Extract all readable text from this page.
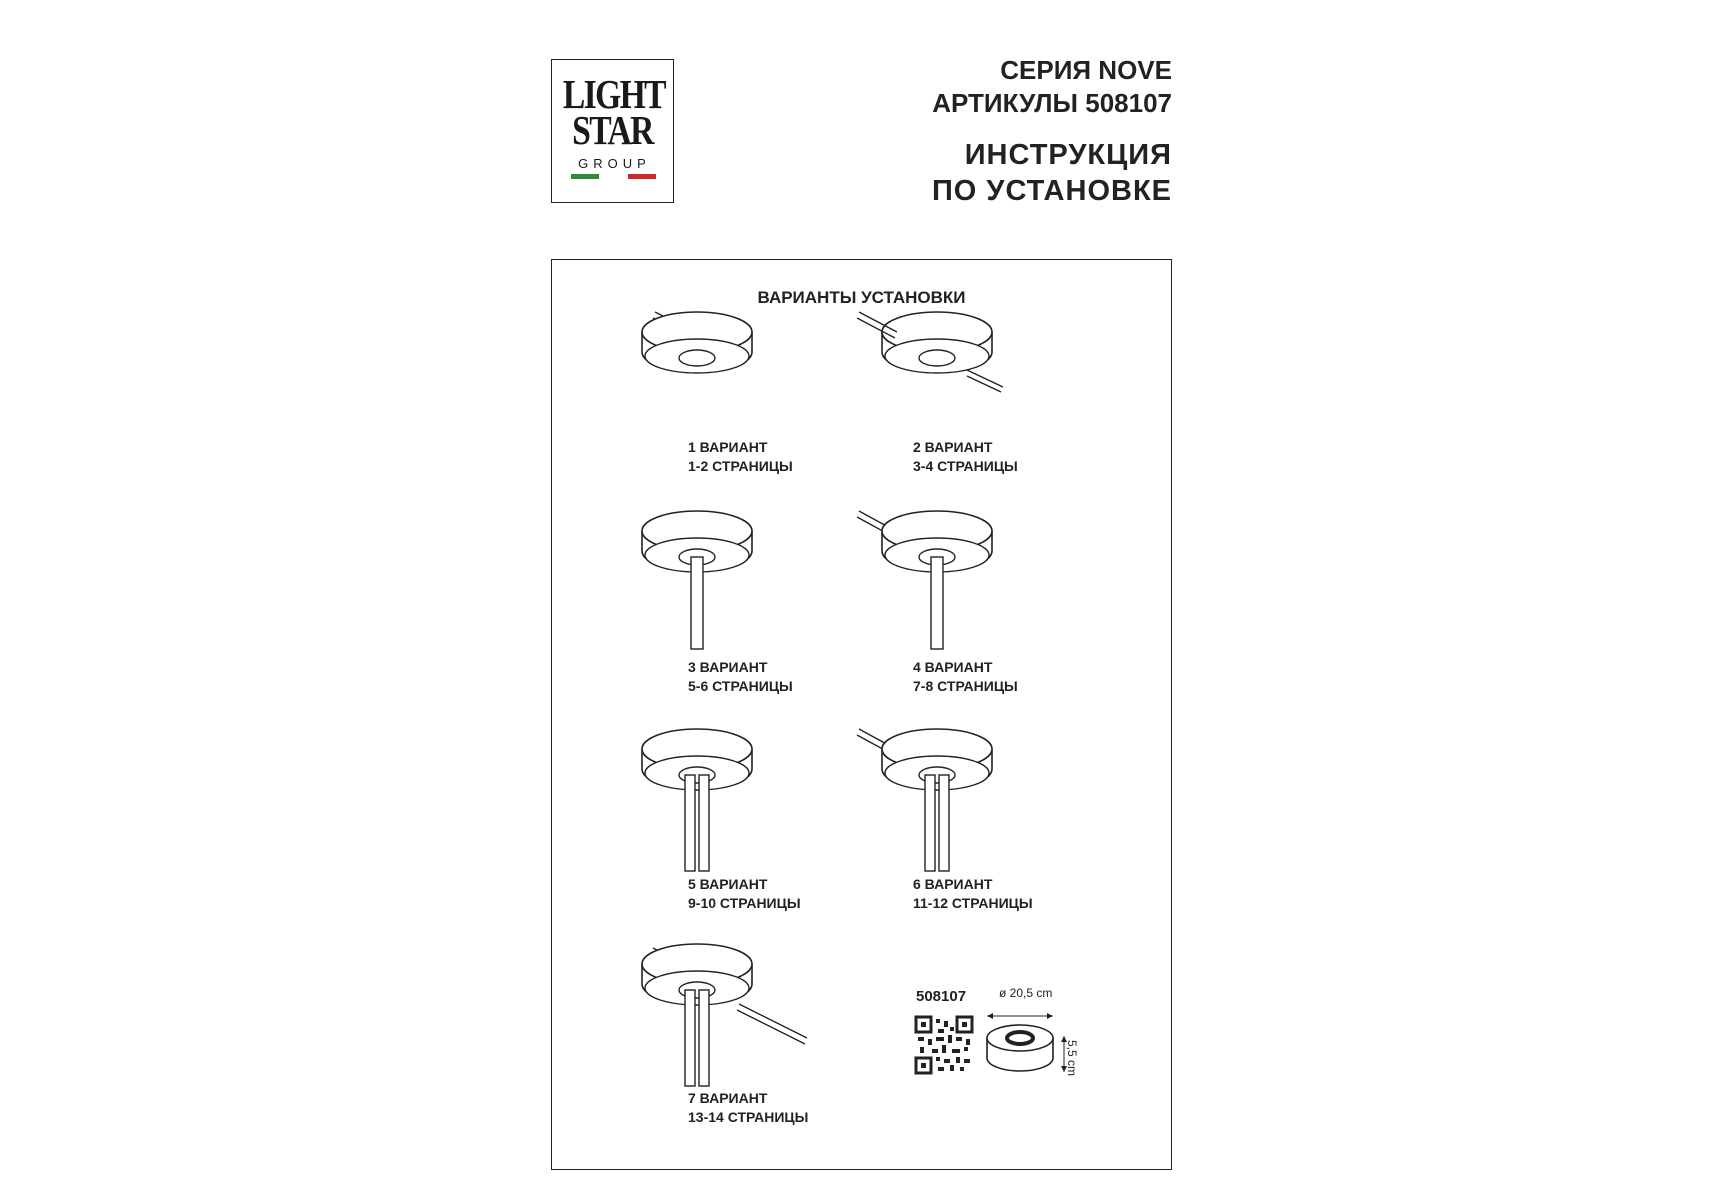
LIGHT
STAR
GROUP
СЕРИЯ NOVE
АРТИКУЛЫ 508107
ИНСТРУКЦИЯ
ПО УСТАНОВКЕ
ВАРИАНТЫ УСТАНОВКИ
1 ВАРИАНТ
1-2 СТРАНИЦЫ
2 ВАРИАНТ
3-4 СТРАНИЦЫ
3 ВАРИАНТ
5-6 СТРАНИЦЫ
4 ВАРИАНТ
7-8 СТРАНИЦЫ
5 ВАРИАНТ
9-10 СТРАНИЦЫ
6 ВАРИАНТ
11-12 СТРАНИЦЫ
7 ВАРИАНТ
13-14 СТРАНИЦЫ
508107	ø 20,5 cm
5,5 cm
